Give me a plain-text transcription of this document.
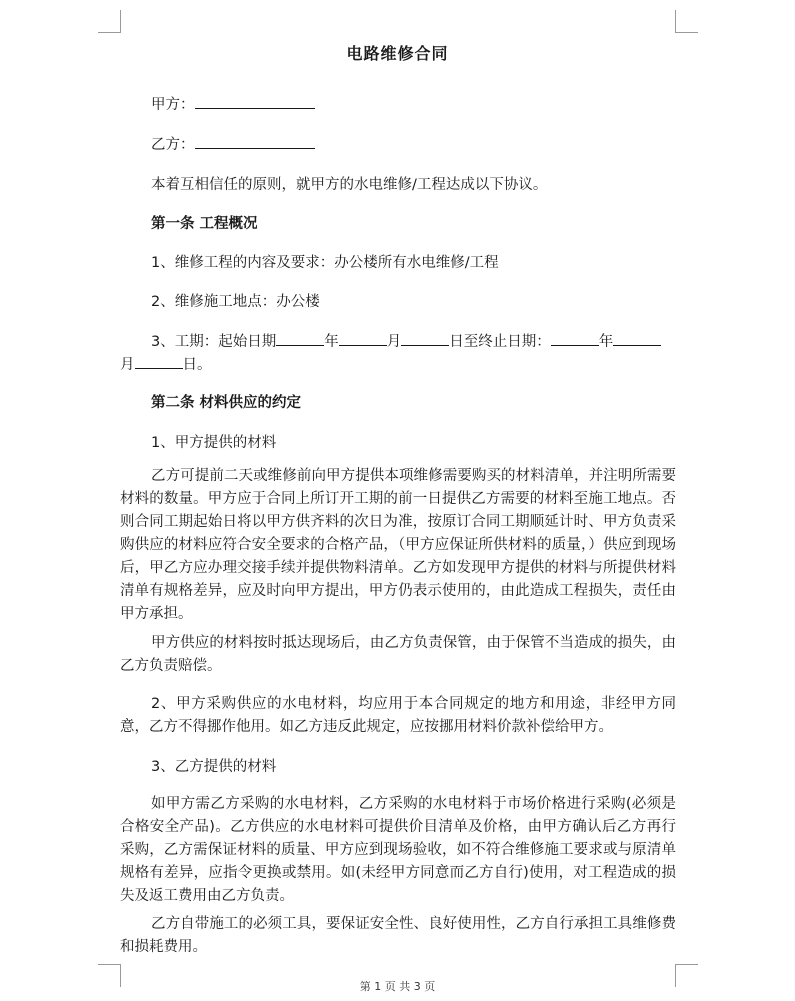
电路维修合同
甲方：
乙方：
本着互相信任的原则，就甲方的水电维修/工程达成以下协议。
第一条 工程概况
1、维修工程的内容及要求：办公楼所有水电维修/工程
2、维修施工地点：办公楼
3、工期：起始日期	年	月	日至终止日期：	年
月	日。
第二条 材料供应的约定
1、甲方提供的材料
乙方可提前二天或维修前向甲方提供本项维修需要购买的材料清单，并注明所需要材料的数量。甲方应于合同上所订开工期的前一日提供乙方需要的材料至施工地点。否则合同工期起始日将以甲方供齐料的次日为准，按原订合同工期顺延计时、甲方负责采购供应的材料应符合安全要求的合格产品，（甲方应保证所供材料的质量，）供应到现场后，甲乙方应办理交接手续并提供物料清单。乙方如发现甲方提供的材料与所提供材料清单有规格差异，应及时向甲方提出，甲方仍表示使用的，由此造成工程损失，责任由甲方承担。
甲方供应的材料按时抵达现场后，由乙方负责保管，由于保管不当造成的损失，由乙方负责赔偿。
2、甲方采购供应的水电材料，均应用于本合同规定的地方和用途，非经甲方同意，乙方不得挪作他用。如乙方违反此规定，应按挪用材料价款补偿给甲方。
3、乙方提供的材料
如甲方需乙方采购的水电材料，乙方采购的水电材料于市场价格进行采购(必须是合格安全产品)。乙方供应的水电材料可提供价目清单及价格，由甲方确认后乙方再行采购，乙方需保证材料的质量、甲方应到现场验收，如不符合维修施工要求或与原清单规格有差异，应指令更换或禁用。如(未经甲方同意而乙方自行)使用，对工程造成的损失及返工费用由乙方负责。
乙方自带施工的必须工具，要保证安全性、良好使用性，乙方自行承担工具维修费和损耗费用。
第 1 页 共 3 页
